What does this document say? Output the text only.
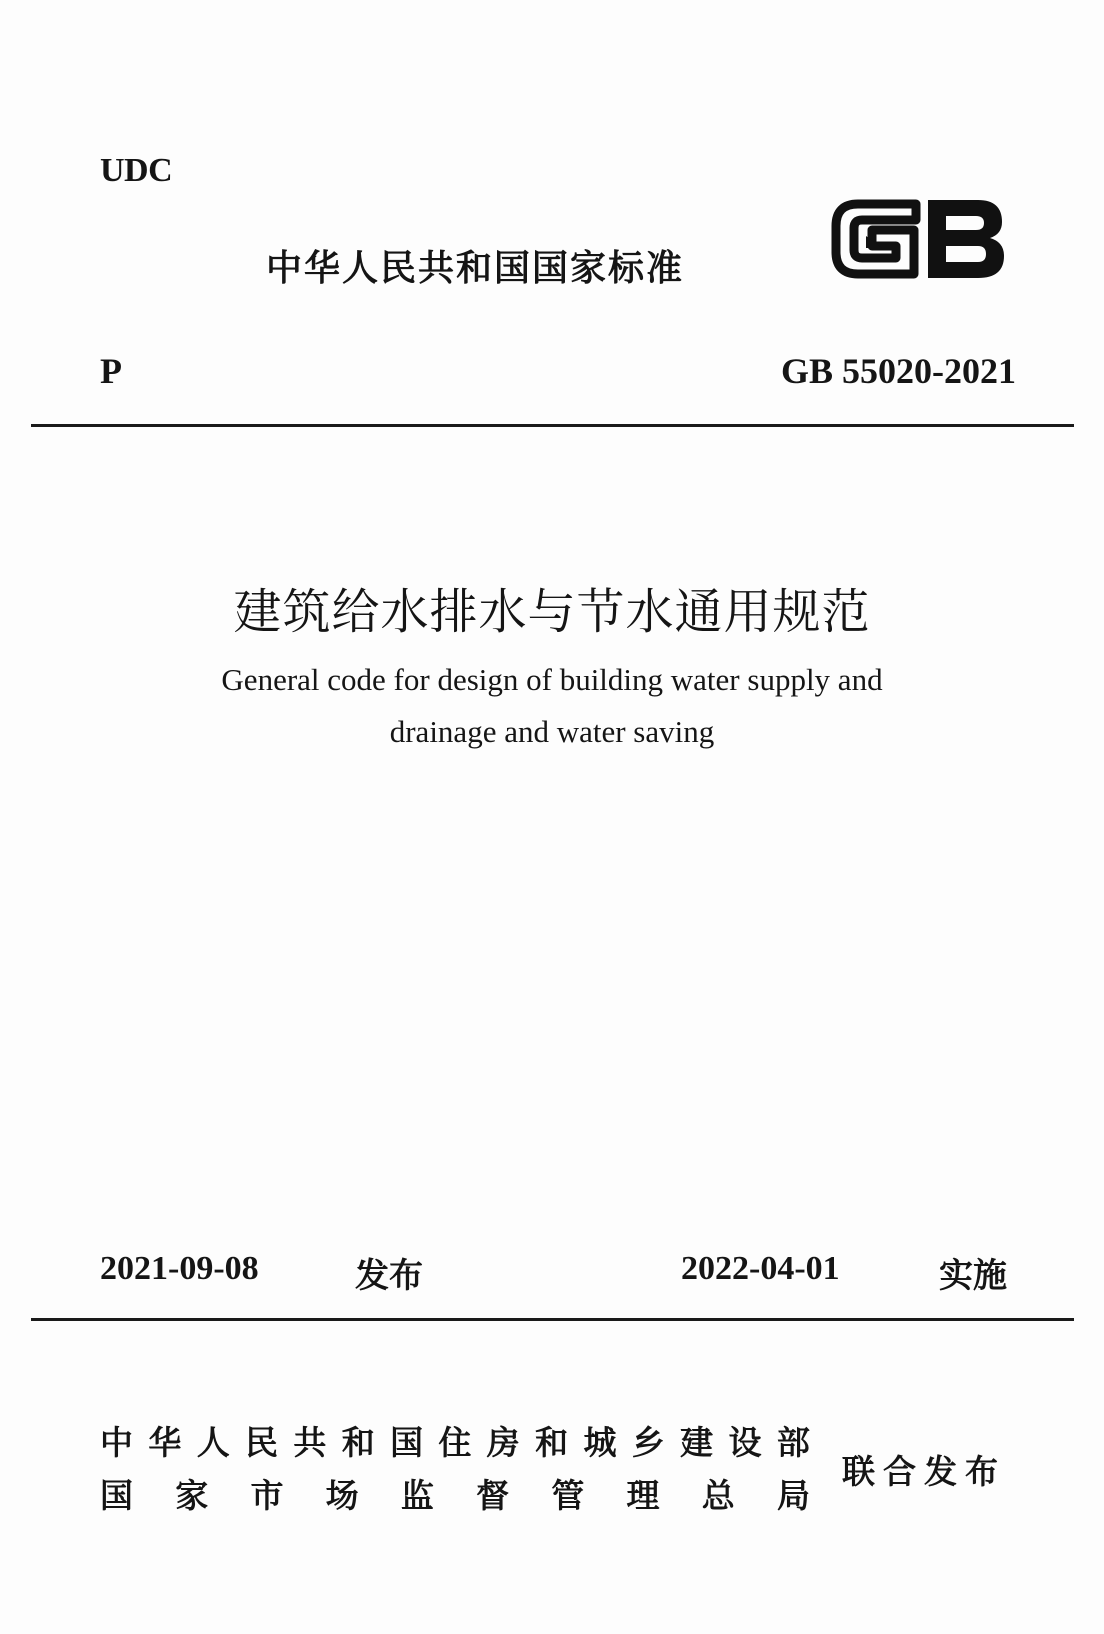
UDC
中华人民共和国国家标准
P	GB 55020-2021
建筑给水排水与节水通用规范
General code for design of building water supply and
drainage and water saving
2021-09-08	发布	2022-04-01	实施
中 华 人 民 共 和 国 住 房 和 城 乡 建 设 部
国 家 市 场 监 督 管 理 总 局
联合发布
